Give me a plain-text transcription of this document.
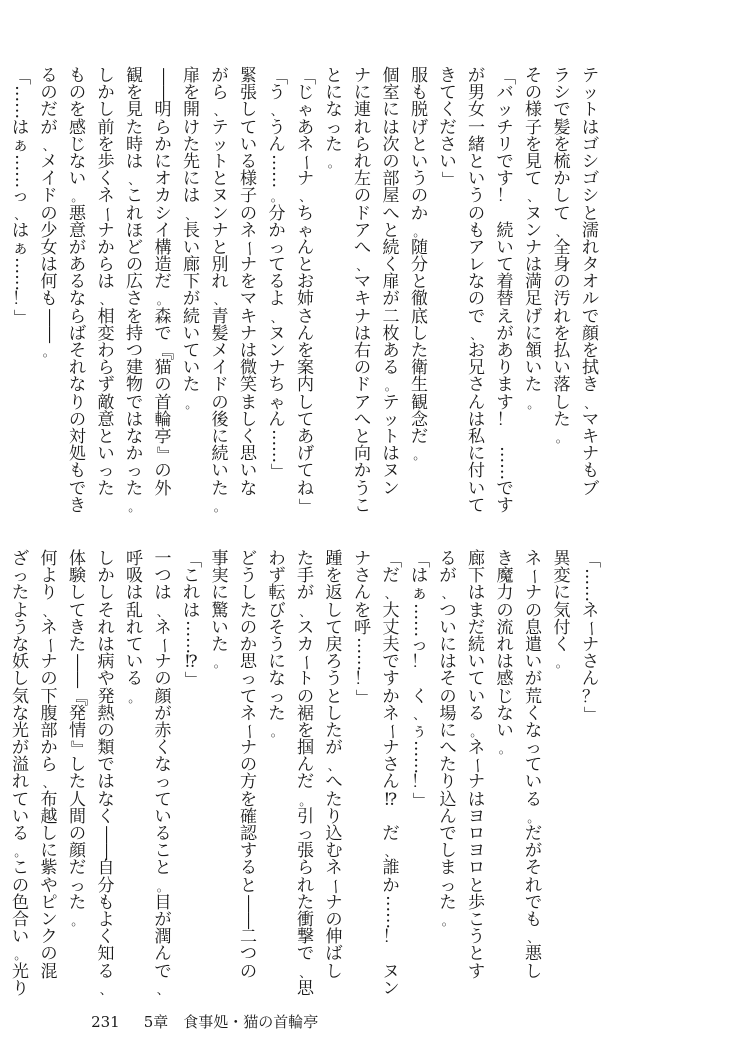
テ
ッ
ト
は
ゴ
シ
ゴ
シ
と
濡
れ
タ
オ
ル
で
顔
を
拭
き
、
マ
キ
ナ
も
ブ
ラ
シ
で
髪
を
梳
か
し
て
、
全
身
の
汚
れ
を
払
い
落
し
た
。
そ
の
様
子
を
見
て
、
ヌ
ン
ナ
は
満
足
げ
に
頷
い
た
。
「
バ
ッ
チ
リ
で
す
！

続
い
て
着
替
え
が
あ
り
ま
す
！

…
…
で
す
が
男
女
一
緒
と
い
う
の
も
ア
レ
な
の
で
、
お
兄
さ
ん
は
私
に
付
い
て
き
て
く
だ
さ
い
」
服
も
脱
げ
と
い
う
の
か
。
随
分
と
徹
底
し
た
衛
生
観
念
だ
。
個
室
に
は
次
の
部
屋
へ
と
続
く
扉
が
二
枚
あ
る
。
テ
ッ
ト
は
ヌ
ン
ナ
に
連
れ
ら
れ
左
の
ド
ア
へ
、
マ
キ
ナ
は
右
の
ド
ア
へ
と
向
か
う
こ
と
に
な
っ
た
。
「
じ
ゃ
あ
ネ
ー
ナ
、
ち
ゃ
ん
と
お
姉
さ
ん
を
案
内
し
て
あ
げ
て
ね
」
「
う
、
う
ん
…
…
。
分
か
っ
て
る
よ
、
ヌ
ン
ナ
ち
ゃ
ん
…
…
」
緊
張
し
て
い
る
様
子
の
ネ
ー
ナ
を
マ
キ
ナ
は
微
笑
ま
し
く
思
い
な
が
ら
、
テ
ッ
ト
と
ヌ
ン
ナ
と
別
れ
、
青
髪
メ
イ
ド
の
後
に
続
い
た
。
扉
を
開
け
た
先
に
は
、
長
い
廊
下
が
続
い
て
い
た
。
―
―
明
ら
か
に
オ
カ
シ
イ
構
造
だ
。
森
で
『
猫
の
首
輪
亭
』
の
外
観
を
見
た
時
は
、
こ
れ
ほ
ど
の
広
さ
を
持
つ
建
物
で
は
な
か
っ
た
。
し
か
し
前
を
歩
く
ネ
ー
ナ
か
ら
は
、
相
変
わ
ら
ず
敵
意
と
い
っ
た
も
の
を
感
じ
な
い
。
悪
意
が
あ
る
な
ら
ば
そ
れ
な
り
の
対
処
も
で
き
る
の
だ
が
、
メ
イ
ド
の
少
女
は
何
も
―
―
。
「
…
…
は
ぁ
…
…
っ
、
は
ぁ
…
…
！
」
「
…
…
ネ
ー
ナ
さ
ん
？
」
異
変
に
気
付
く
。
ネ
ー
ナ
の
息
遣
い
が
荒
く
な
っ
て
い
る
。
だ
が
そ
れ
で
も
、
悪
し
き
魔
力
の
流
れ
は
感
じ
な
い
。
廊
下
は
ま
だ
続
い
て
い
る
。
ネ
ー
ナ
は
ヨ
ロ
ヨ
ロ
と
歩
こ
う
と
す
る
が
、
つ
い
に
は
そ
の
場
に
へ
た
り
込
ん
で
し
ま
っ
た
。
「
は
ぁ
…
…
っ
！

く
、
ぅ
…
…
！
」
「
だ
、
大
丈
夫
で
す
か
ネ
ー
ナ
さ
ん
⁉

だ
、
誰
か
…
…
！

ヌ
ン
ナ
さ
ん
を
呼
…
…
！
」
踵
を
返
し
て
戻
ろ
う
と
し
た
が
、
へ
た
り
込
む
ネ
ー
ナ
の
伸
ば
し
た
手
が
、
ス
カ
ー
ト
の
裾
を
掴
ん
だ
。
引
っ
張
ら
れ
た
衝
撃
で
、
思
わ
ず
転
び
そ
う
に
な
っ
た
。
ど
う
し
た
の
か
思
っ
て
ネ
ー
ナ
の
方
を
確
認
す
る
と
―
―
二
つ
の
事
実
に
驚
い
た
。
「
こ
れ
は
…
…
⁉
」
一
つ
は
、
ネ
ー
ナ
の
顔
が
赤
く
な
っ
て
い
る
こ
と
。
目
が
潤
ん
で
、
呼
吸
は
乱
れ
て
い
る
。
し
か
し
そ
れ
は
病
や
発
熱
の
類
で
は
な
く
―
―
自
分
も
よ
く
知
る
、
体
験
し
て
き
た
―
―
『
発
情
』
し
た
人
間
の
顔
だ
っ
た
。
何
よ
り
、
ネ
ー
ナ
の
下
腹
部
か
ら
、
布
越
し
に
紫
や
ピ
ン
ク
の
混
ざ
っ
た
よ
う
な
妖
し
気
な
光
が
溢
れ
て
い
る
。
こ
の
色
合
い
。
光
り

231 5章　食事処・猫の首輪亭
